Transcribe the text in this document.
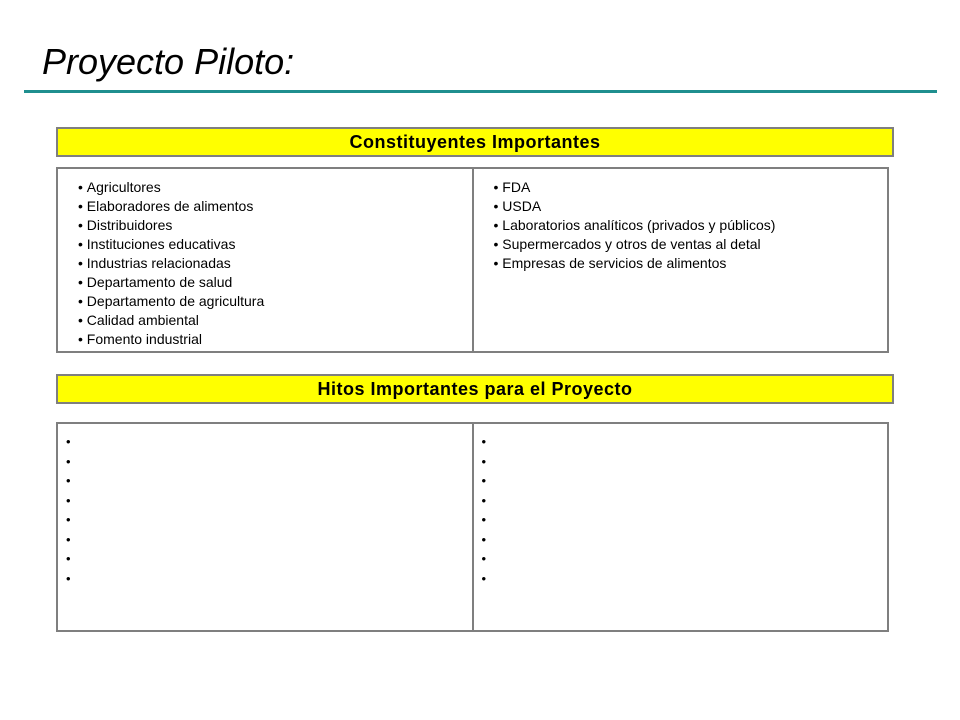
Proyecto Piloto:
Constituyentes Importantes
• Agricultores
• Elaboradores de alimentos
• Distribuidores
• Instituciones educativas
• Industrias relacionadas
• Departamento de salud
• Departamento de agricultura
• Calidad ambiental
• Fomento industrial
• FDA
• USDA
• Laboratorios analíticos (privados y públicos)
• Supermercados y otros de ventas al detal
• Empresas de servicios de alimentos
Hitos Importantes para el Proyecto
•
•
•
•
•
•
•
•
•
•
•
•
•
•
•
•
